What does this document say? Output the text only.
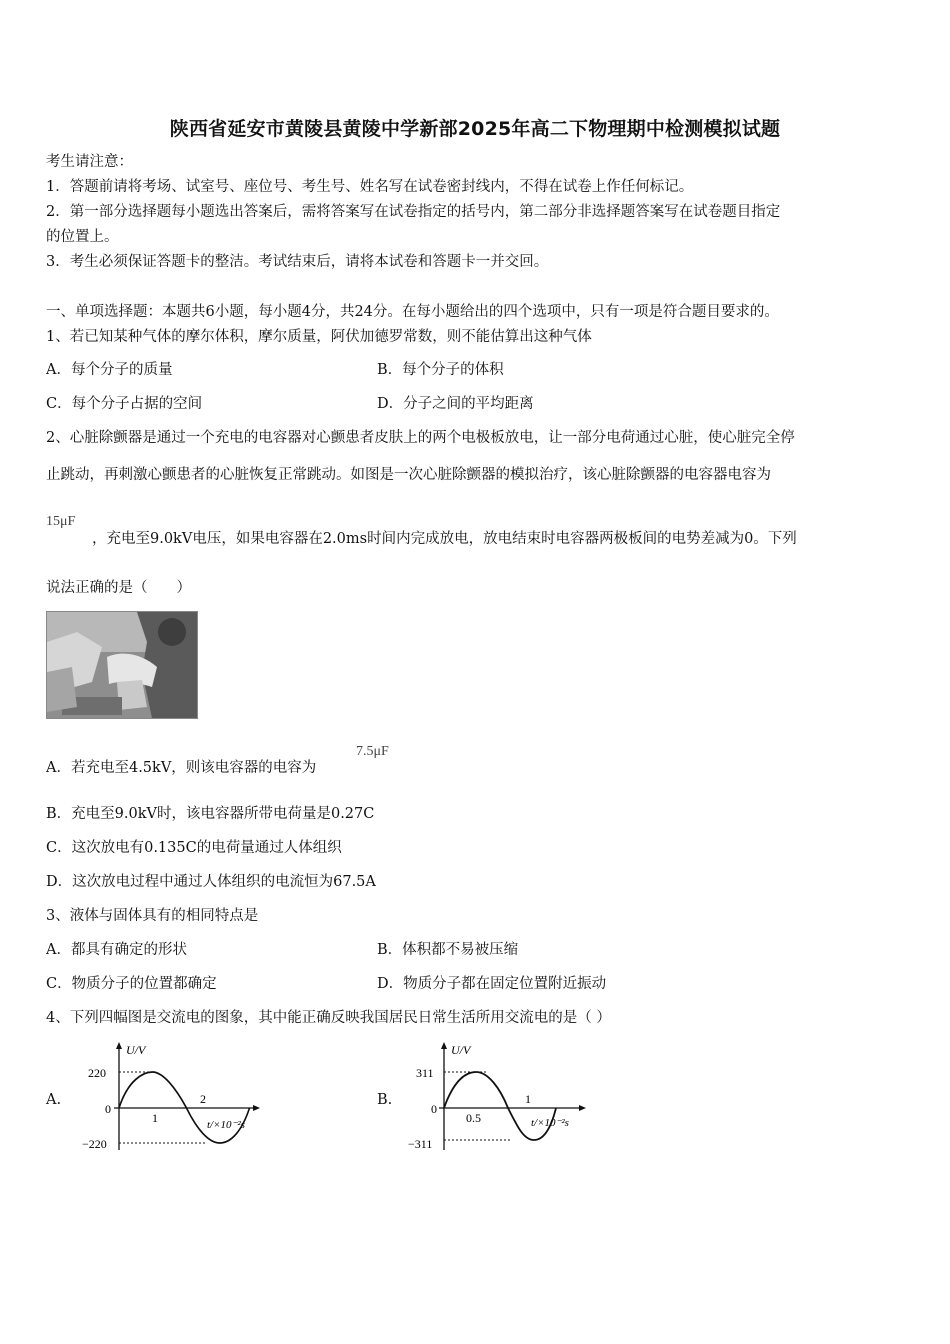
陕西省延安市黄陵县黄陵中学新部2025年高二下物理期中检测模拟试题
考生请注意：
1．答题前请将考场、试室号、座位号、考生号、姓名写在试卷密封线内，不得在试卷上作任何标记。
2．第一部分选择题每小题选出答案后，需将答案写在试卷指定的括号内，第二部分非选择题答案写在试卷题目指定
的位置上。
3．考生必须保证答题卡的整洁。考试结束后，请将本试卷和答题卡一并交回。
一、单项选择题：本题共6小题，每小题4分，共24分。在每小题给出的四个选项中，只有一项是符合题目要求的。
1、若已知某种气体的摩尔体积，摩尔质量，阿伏加德罗常数，则不能估算出这种气体
A．每个分子的质量	B．每个分子的体积
C．每个分子占据的空间	D．分子之间的平均距离
2、心脏除颤器是通过一个充电的电容器对心颤患者皮肤上的两个电极板放电，让一部分电荷通过心脏，使心脏完全停
止跳动，再刺激心颤患者的心脏恢复正常跳动。如图是一次心脏除颤器的模拟治疗，该心脏除颤器的电容器电容为
15μF
，充电至9.0kV电压，如果电容器在2.0ms时间内完成放电，放电结束时电容器两极板间的电势差减为0。下列
说法正确的是（　　）
A．若充电至4.5kV，则该电容器的电容为
7.5μF
B．充电至9.0kV时，该电容器所带电荷量是0.27C
C．这次放电有0.135C的电荷量通过人体组织
D．这次放电过程中通过人体组织的电流恒为67.5A
3、液体与固体具有的相同特点是
A．都具有确定的形状	B．体积都不易被压缩
C．物质分子的位置都确定	D．物质分子都在固定位置附近振动
4、下列四幅图是交流电的图象，其中能正确反映我国居民日常生活所用交流电的是（ ）
A.
U/V
220
0
−220
1
2
t/×10⁻²s
B.
U/V
311
0
−311
0.5
1
t/×10⁻²s
